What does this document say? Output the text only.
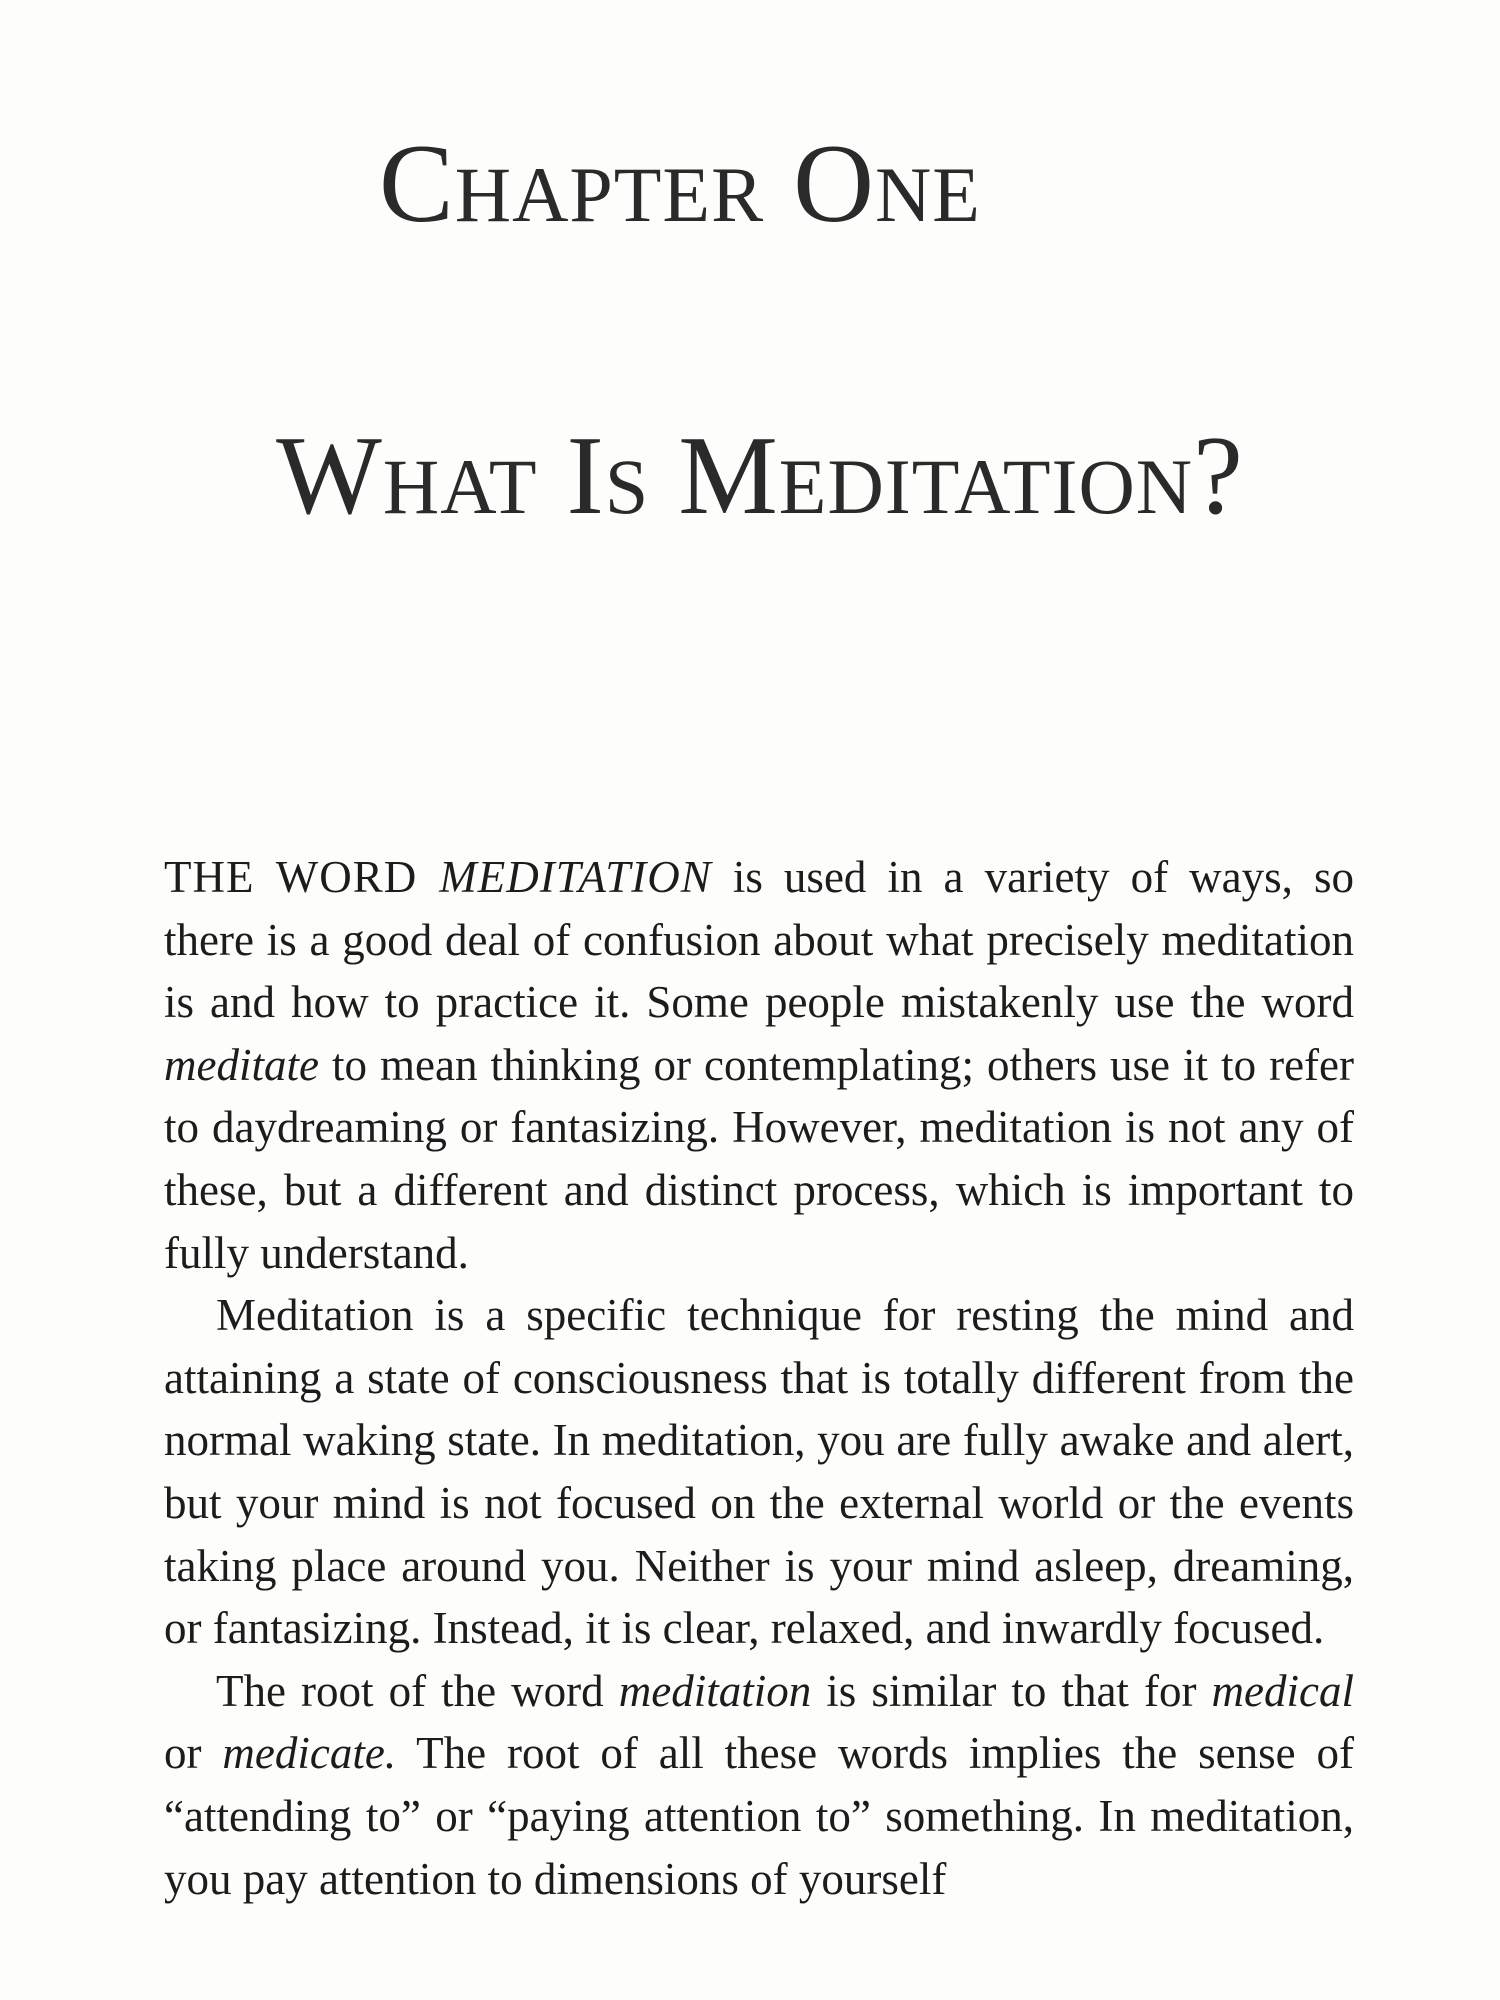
Chapter One
What Is Meditation?

THE WORD MEDITATION is used in a variety of ways, so there is a good deal of confusion about what precisely meditation is and how to practice it. Some people mistakenly use the word meditate to mean thinking or contemplating; others use it to refer to daydreaming or fantasizing. However, meditation is not any of these, but a different and distinct process, which is important to fully understand.

Meditation is a specific technique for resting the mind and attaining a state of consciousness that is totally different from the normal waking state. In meditation, you are fully awake and alert, but your mind is not focused on the external world or the events taking place around you. Neither is your mind asleep, dreaming, or fantasizing. Instead, it is clear, relaxed, and inwardly focused.

The root of the word meditation is similar to that for medical or medicate. The root of all these words implies the sense of “attending to” or “paying attention to” something. In meditation, you pay attention to dimensions of yourself
